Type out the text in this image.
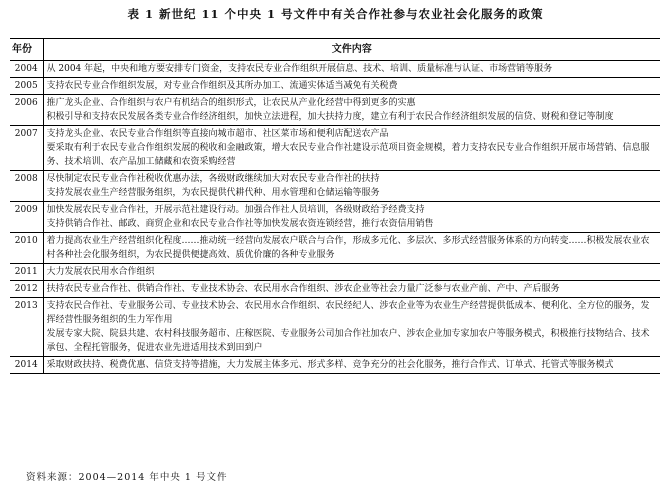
表 1 新世纪 11 个中央 1 号文件中有关合作社参与农业社会化服务的政策
年份	文件内容
2004	从 2004 年起，中央和地方要安排专门资金，支持农民专业合作组织开展信息、技术、培训、质量标准与认证、市场营销等服务

2005	支持农民专业合作组织发展，对专业合作组织及其所办加工、流通实体适当减免有关税费

2006	推广龙头企业、合作组织与农户有机结合的组织形式，让农民从产业化经营中得到更多的实惠
积极引导和支持农民发展各类专业合作经济组织，加快立法进程，加大扶持力度，建立有利于农民合作经济组织发展的信贷、财税和登记等制度

2007	支持龙头企业、农民专业合作组织等直接向城市超市、社区菜市场和便利店配送农产品
要采取有利于农民专业合作组织发展的税收和金融政策，增大农民专业合作社建设示范项目资金规模，着力支持农民专业合作组织开展市场营销、信息服务、技术培训、农产品加工储藏和农资采购经营

2008	尽快制定农民专业合作社税收优惠办法，各级财政继续加大对农民专业合作社的扶持
支持发展农业生产经营服务组织，为农民提供代耕代种、用水管理和仓储运输等服务

2009	加快发展农民专业合作社，开展示范社建设行动。加强合作社人员培训，各级财政给予经费支持
支持供销合作社、邮政、商贸企业和农民专业合作社等加快发展农资连锁经营，推行农资信用销售

2010	着力提高农业生产经营组织化程度……推动统一经营向发展农户联合与合作，形成多元化、多层次、多形式经营服务体系的方向转变……积极发展农业农村各种社会化服务组织，为农民提供便捷高效、质优价廉的各种专业服务

2011	大力发展农民用水合作组织

2012	扶持农民专业合作社、供销合作社、专业技术协会、农民用水合作组织、涉农企业等社会力量广泛参与农业产前、产中、产后服务

2013	支持农民合作社、专业服务公司、专业技术协会、农民用水合作组织、农民经纪人、涉农企业等为农业生产经营提供低成本、便利化、全方位的服务，发挥经营性服务组织的生力军作用
发展专家大院、院县共建、农村科技服务超市、庄稼医院、专业服务公司加合作社加农户、涉农企业加专家加农户等服务模式，积极推行技物结合、技术承包、全程托管服务，促进农业先进适用技术到田到户

2014	采取财政扶持、税费优惠、信贷支持等措施，大力发展主体多元、形式多样、竞争充分的社会化服务，推行合作式、订单式、托管式等服务模式
资料来源：2004—2014 年中央 1 号文件
